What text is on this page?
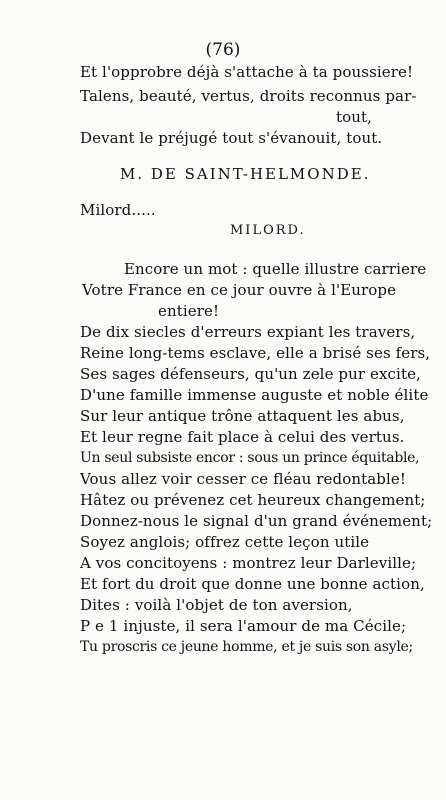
(76)
Et l'opprobre déjà s'attache à ta poussiere!
Talens, beauté, vertus, droits reconnus par-
tout,
Devant le préjugé tout s'évanouit, tout.
M. DE SAINT-HELMONDE.
Milord.....
MILORD.
Encore un mot : quelle illustre carriere
Votre France en ce jour ouvre à l'Europe
entiere!
De dix siecles d'erreurs expiant les travers,
Reine long-tems esclave, elle a brisé ses fers,
Ses sages défenseurs, qu'un zele pur excite,
D'une famille immense auguste et noble élite
Sur leur antique trône attaquent les abus,
Et leur regne fait place à celui des vertus.
Un seul subsiste encor : sous un prince équitable,
Vous allez voir cesser ce fléau redontable!
Hâtez ou prévenez cet heureux changement;
Donnez-nous le signal d'un grand événement;
Soyez anglois; offrez cette leçon utile
A vos concitoyens : montrez leur Darleville;
Et fort du droit que donne une bonne action,
Dites : voilà l'objet de ton aversion,
P e 1 injuste, il sera l'amour de ma Cécile;
Tu proscris ce jeune homme, et je suis son asyle;
